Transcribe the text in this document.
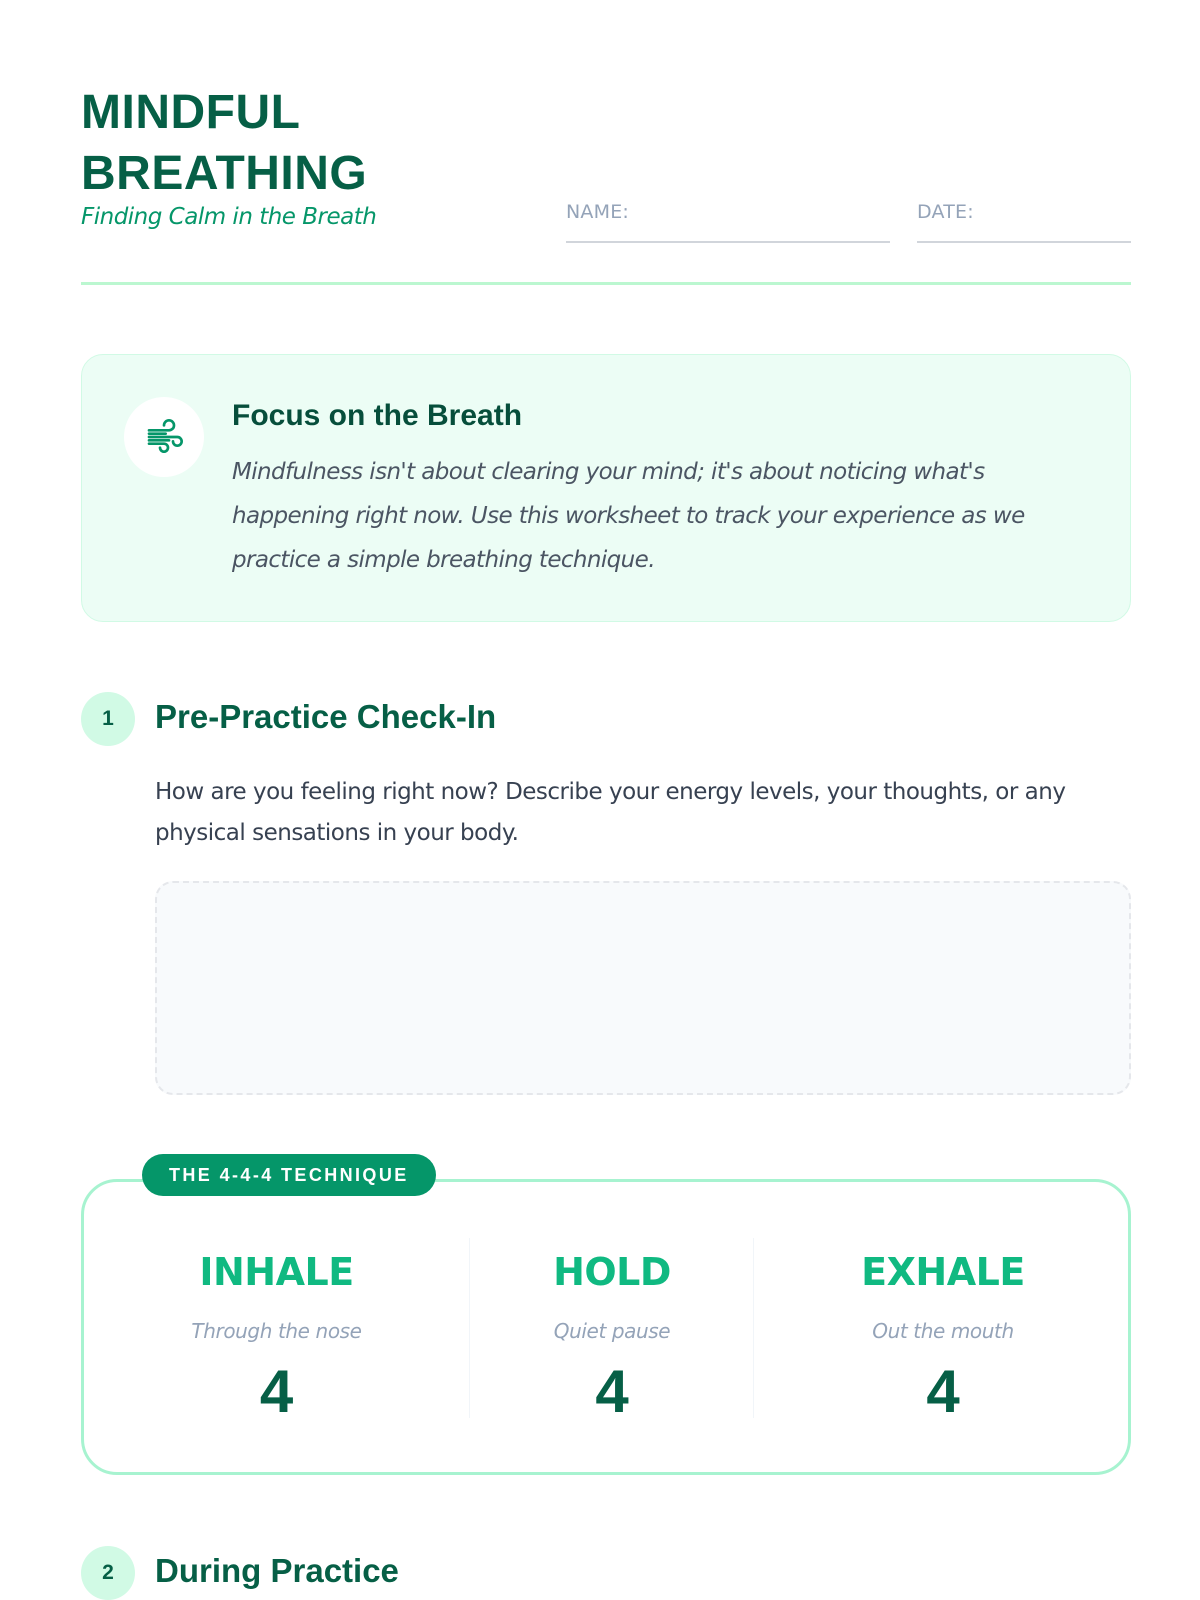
MINDFUL BREATHING
Finding Calm in the Breath	NAME:	DATE:
Focus on the Breath

Mindfulness isn't about clearing your mind; it's about noticing what's happening right now. Use this worksheet to track your experience as we practice a simple breathing technique.

1	Pre-Practice Check-In

How are you feeling right now? Describe your energy levels, your thoughts, or any physical sensations in your body.

THE 4-4-4 TECHNIQUE
INHALE
Through the nose
4
HOLD
Quiet pause
4
EXHALE
Out the mouth
4
2	During Practice
